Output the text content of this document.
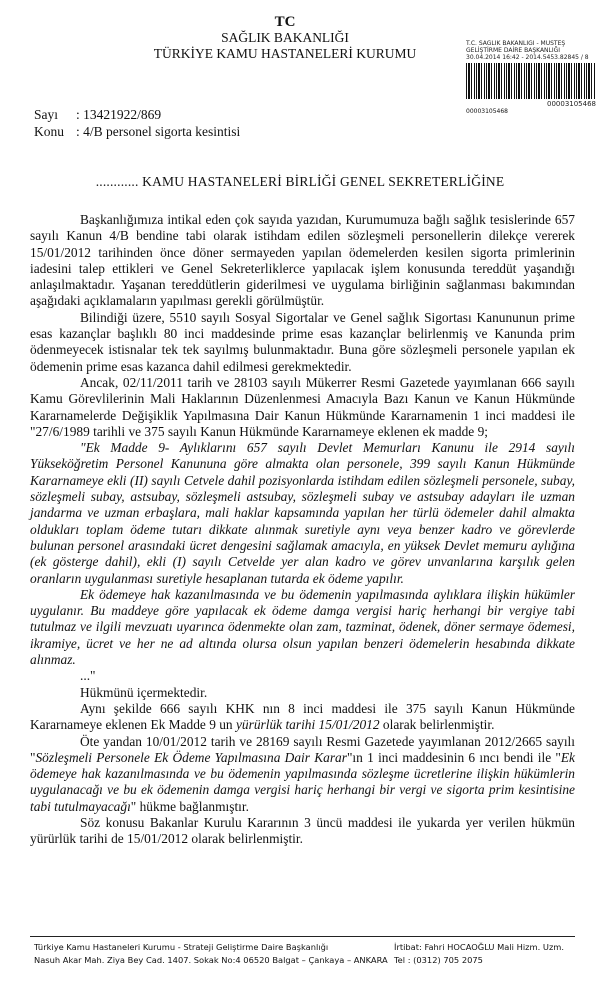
TC
SAĞLIK BAKANLIĞI
TÜRKİYE KAMU HASTANELERİ KURUMU
T.C. SAĞLIK BAKANLIĞI - MÜSTEŞ
GELİŞTİRME DAİRE BAŞKANLIĞI
30.04.2014 16:42 - 2014.5453.82845 / 8
00003105468
00003105468
Sayı : 13421922/869
Konu : 4/B personel sigorta kesintisi
............ KAMU HASTANELERİ BİRLİĞİ GENEL SEKRETERLİĞİNE

Başkanlığımıza intikal eden çok sayıda yazıdan, Kurumumuza bağlı sağlık tesislerinde 657 sayılı Kanun 4/B bendine tabi olarak istihdam edilen sözleşmeli personellerin dilekçe vererek 15/01/2012 tarihinden önce döner sermayeden yapılan ödemelerden kesilen sigorta primlerinin iadesini talep ettikleri ve Genel Sekreterliklerce yapılacak işlem konusunda tereddüt yaşandığı anlaşılmaktadır. Yaşanan tereddütlerin giderilmesi ve uygulama birliğinin sağlanması bakımından aşağıdaki açıklamaların yapılması gerekli görülmüştür.

Bilindiği üzere, 5510 sayılı Sosyal Sigortalar ve Genel sağlık Sigortası Kanununun prime esas kazançlar başlıklı 80 inci maddesinde prime esas kazançlar belirlenmiş ve Kanunda prim ödenmeyecek istisnalar tek tek sayılmış bulunmaktadır. Buna göre sözleşmeli personele yapılan ek ödemenin prime esas kazanca dahil edilmesi gerekmektedir.

Ancak, 02/11/2011 tarih ve 28103 sayılı Mükerrer Resmi Gazetede yayımlanan 666 sayılı Kamu Görevlilerinin Mali Haklarının Düzenlenmesi Amacıyla Bazı Kanun ve Kanun Hükmünde Kararnamelerde Değişiklik Yapılmasına Dair Kanun Hükmünde Kararnamenin 1 inci maddesi ile "27/6/1989 tarihli ve 375 sayılı Kanun Hükmünde Kararnameye eklenen ek madde 9;

"Ek Madde 9- Aylıklarını 657 sayılı Devlet Memurları Kanunu ile 2914 sayılı Yükseköğretim Personel Kanununa göre almakta olan personele, 399 sayılı Kanun Hükmünde Kararnameye ekli (II) sayılı Cetvele dahil pozisyonlarda istihdam edilen sözleşmeli personele, subay, sözleşmeli subay, astsubay, sözleşmeli astsubay, sözleşmeli subay ve astsubay adayları ile uzman jandarma ve uzman erbaşlara, mali haklar kapsamında yapılan her türlü ödemeler dahil almakta oldukları toplam ödeme tutarı dikkate alınmak suretiyle aynı veya benzer kadro ve görevlerde bulunan personel arasındaki ücret dengesini sağlamak amacıyla, en yüksek Devlet memuru aylığına (ek gösterge dahil), ekli (I) sayılı Cetvelde yer alan kadro ve görev unvanlarına karşılık gelen oranların uygulanması suretiyle hesaplanan tutarda ek ödeme yapılır.

Ek ödemeye hak kazanılmasında ve bu ödemenin yapılmasında aylıklara ilişkin hükümler uygulanır. Bu maddeye göre yapılacak ek ödeme damga vergisi hariç herhangi bir vergiye tabi tutulmaz ve ilgili mevzuatı uyarınca ödenmekte olan zam, tazminat, ödenek, döner sermaye ödemesi, ikramiye, ücret ve her ne ad altında olursa olsun yapılan benzeri ödemelerin hesabında dikkate alınmaz.

..."

Hükmünü içermektedir.

Aynı şekilde 666 sayılı KHK nın 8 inci maddesi ile 375 sayılı Kanun Hükmünde Kararnameye eklenen Ek Madde 9 un yürürlük tarihi 15/01/2012 olarak belirlenmiştir.

Öte yandan 10/01/2012 tarih ve 28169 sayılı Resmi Gazetede yayımlanan 2012/2665 sayılı "Sözleşmeli Personele Ek Ödeme Yapılmasına Dair Karar"ın 1 inci maddesinin 6 ıncı bendi ile "Ek ödemeye hak kazanılmasında ve bu ödemenin yapılmasında sözleşme ücretlerine ilişkin hükümlerin uygulanacağı ve bu ek ödemenin damga vergisi hariç herhangi bir vergi ve sigorta prim kesintisine tabi tutulmayacağı" hükme bağlanmıştır.

Söz konusu Bakanlar Kurulu Kararının 3 üncü maddesi ile yukarda yer verilen hükmün yürürlük tarihi de 15/01/2012 olarak belirlenmiştir.

Türkiye Kamu Hastaneleri Kurumu - Strateji Geliştirme Daire Başkanlığı
Nasuh Akar Mah. Ziya Bey Cad. 1407. Sokak No:4 06520 Balgat – Çankaya – ANKARA
İrtibat: Fahri HOCAOĞLU Mali Hizm. Uzm.
Tel : (0312) 705 2075
